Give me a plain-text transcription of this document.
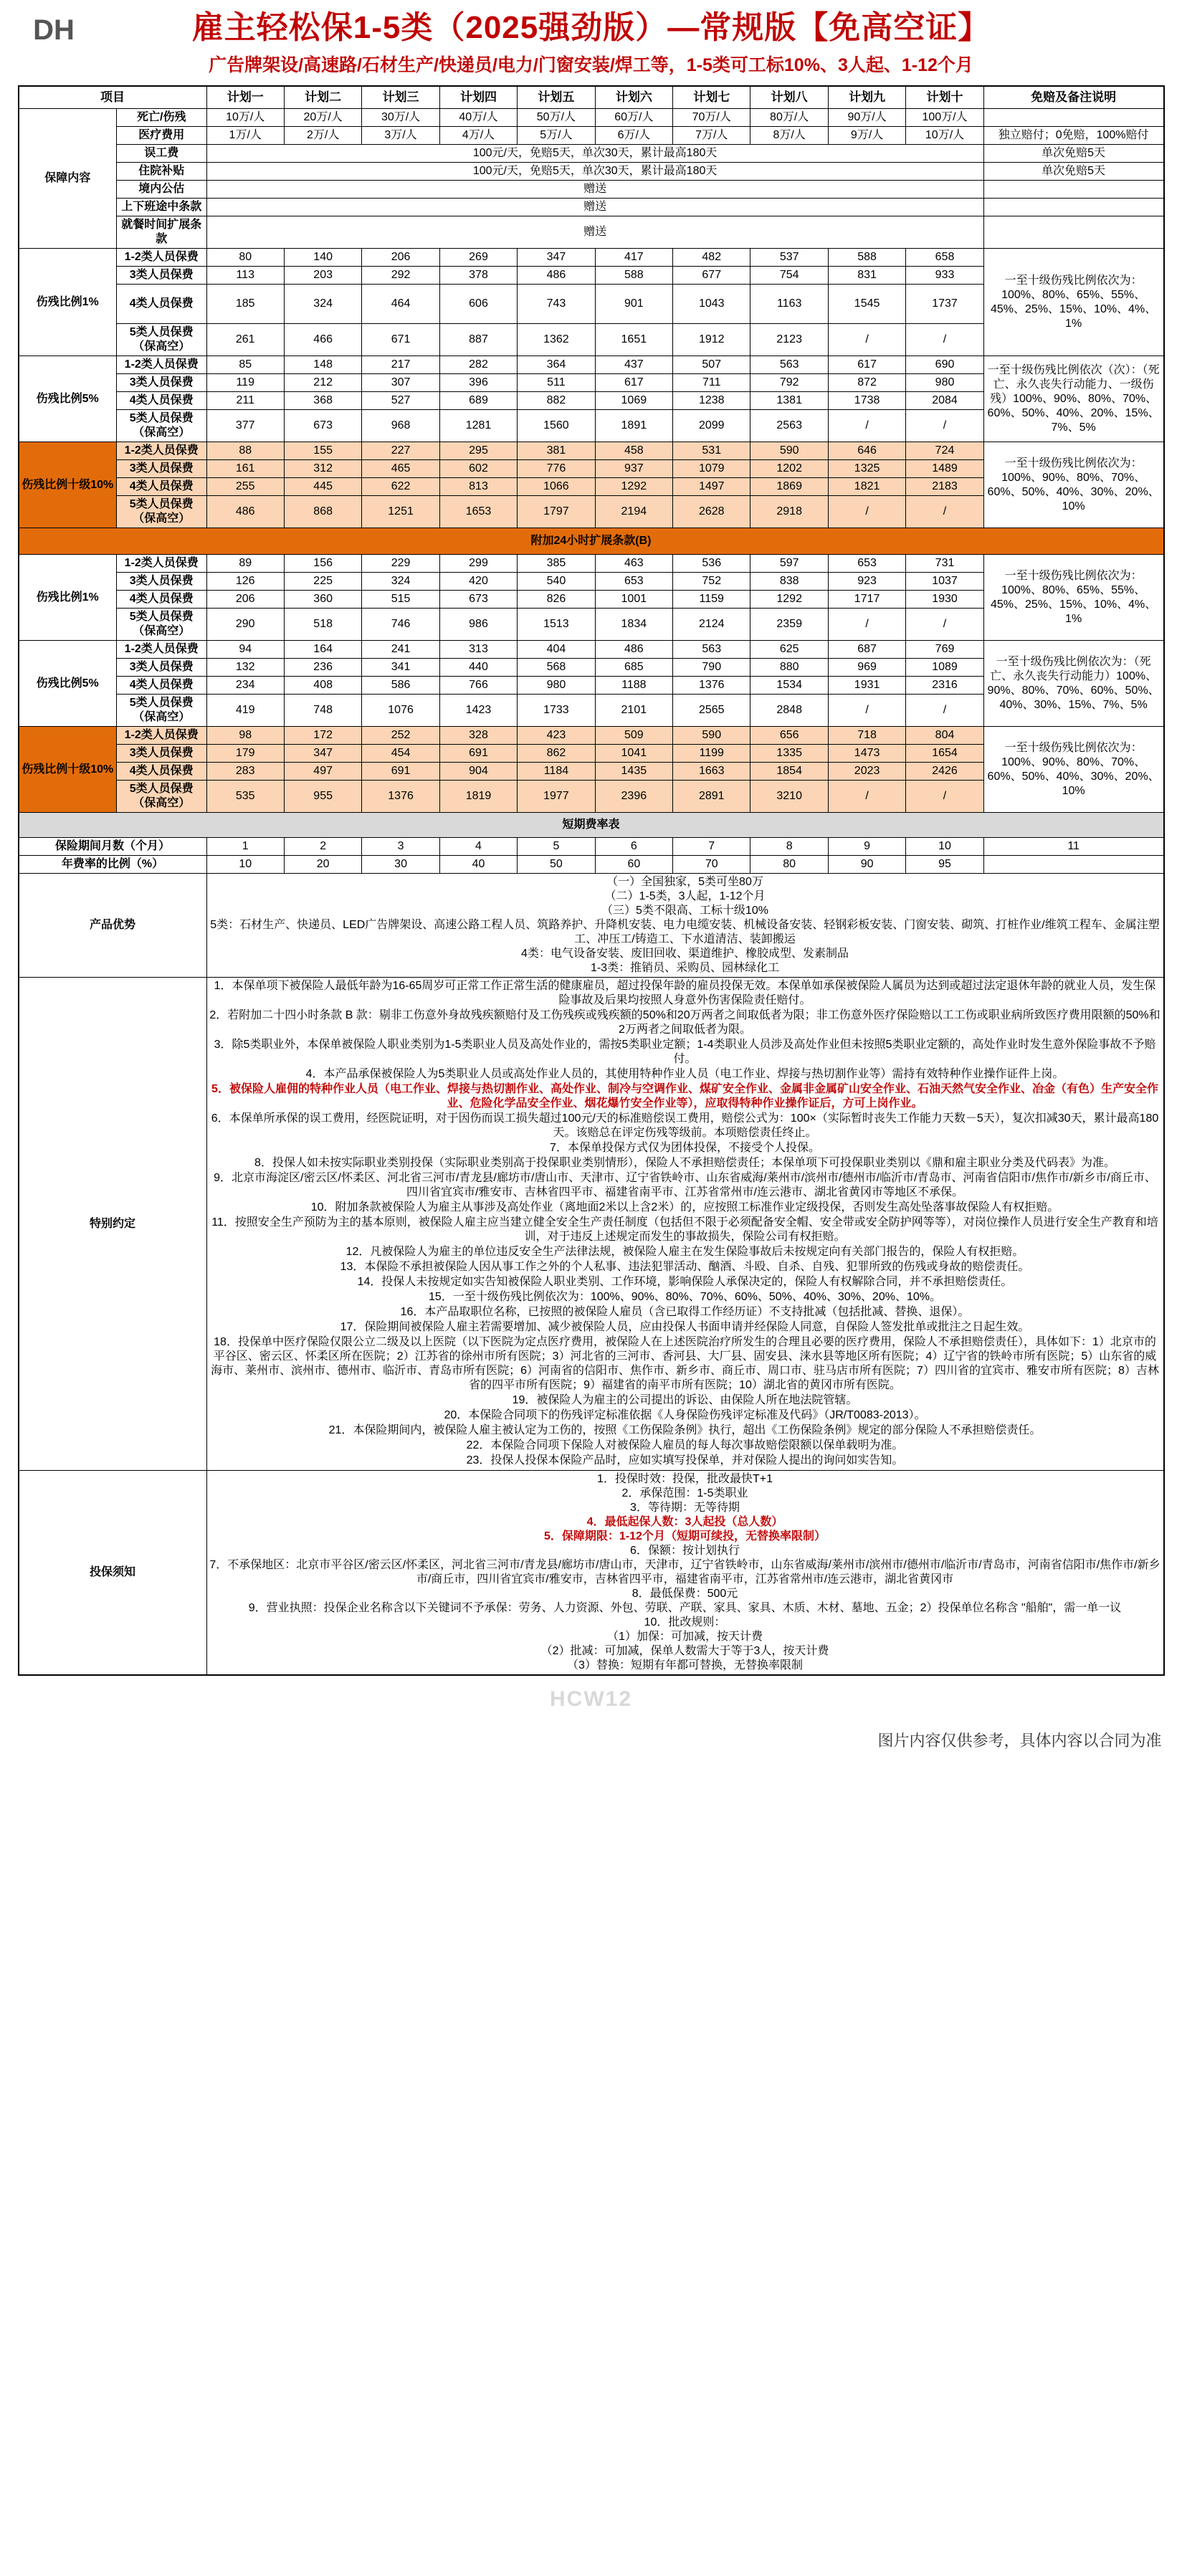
DH	雇主轻松保1-5类（2025强劲版）—常规版【免高空证】
广告牌架设/高速路/石材生产/快递员/电力/门窗安装/焊工等，1-5类可工标10%、3人起、1-12个月
项目		计划一	计划二	计划三	计划四	计划五	计划六	计划七	计划八	计划九	计划十	免赔及备注说明
保障内容	死亡/伤残	10万/人	20万/人	30万/人	40万/人	50万/人	60万/人	70万/人	80万/人	90万/人	100万/人	
	医疗费用	1万/人	2万/人	3万/人	4万/人	5万/人	6万/人	7万/人	8万/人	9万/人	10万/人	独立赔付；0免赔，100%赔付
	误工费	100元/天，免赔5天，单次30天，累计最高180天										单次免赔5天
	住院补贴	100元/天，免赔5天，单次30天，累计最高180天										单次免赔5天
	境内公估	赠送										
	上下班途中条款	赠送										
	就餐时间扩展条款	赠送										
伤残比例1%	1-2类人员保费	80	140	206	269	347	417	482	537	588	658	一至十级伤残比例依次为：100%、80%、65%、55%、45%、25%、15%、10%、4%、1%
	3类人员保费	113	203	292	378	486	588	677	754	831	933	
	4类人员保费	185	324	464	606	743	901	1043	1163	1545	1737	
	5类人员保费（保高空）	261	466	671	887	1362	1651	1912	2123	/	/	
伤残比例5%	1-2类人员保费	85	148	217	282	364	437	507	563	617	690	一至十级伤残比例依次（次）：（死亡、永久丧失行动能力、一级伤残）100%、90%、80%、70%、60%、50%、40%、20%、15%、7%、5%
	3类人员保费	119	212	307	396	511	617	711	792	872	980	
	4类人员保费	211	368	527	689	882	1069	1238	1381	1738	2084	
	5类人员保费（保高空）	377	673	968	1281	1560	1891	2099	2563	/	/	
伤残比例十级10%	1-2类人员保费	88	155	227	295	381	458	531	590	646	724	一至十级伤残比例依次为：100%、90%、80%、70%、60%、50%、40%、30%、20%、10%
	3类人员保费	161	312	465	602	776	937	1079	1202	1325	1489	
	4类人员保费	255	445	622	813	1066	1292	1497	1869	1821	2183	
	5类人员保费（保高空）	486	868	1251	1653	1797	2194	2628	2918	/	/	
附加24小时扩展条款(B)												
伤残比例1%	1-2类人员保费	89	156	229	299	385	463	536	597	653	731	一至十级伤残比例依次为：100%、80%、65%、55%、45%、25%、15%、10%、4%、1%
	3类人员保费	126	225	324	420	540	653	752	838	923	1037	
	4类人员保费	206	360	515	673	826	1001	1159	1292	1717	1930	
	5类人员保费（保高空）	290	518	746	986	1513	1834	2124	2359	/	/	
伤残比例5%	1-2类人员保费	94	164	241	313	404	486	563	625	687	769	一至十级伤残比例依次为：（死亡、永久丧失行动能力）100%、90%、80%、70%、60%、50%、40%、30%、15%、7%、5%
	3类人员保费	132	236	341	440	568	685	790	880	969	1089	
	4类人员保费	234	408	586	766	980	1188	1376	1534	1931	2316	
	5类人员保费（保高空）	419	748	1076	1423	1733	2101	2565	2848	/	/	
伤残比例十级10%	1-2类人员保费	98	172	252	328	423	509	590	656	718	804	一至十级伤残比例依次为：100%、90%、80%、70%、60%、50%、40%、30%、20%、10%
	3类人员保费	179	347	454	691	862	1041	1199	1335	1473	1654	
	4类人员保费	283	497	691	904	1184	1435	1663	1854	2023	2426	
	5类人员保费（保高空）	535	955	1376	1819	1977	2396	2891	3210	/	/	
短期费率表												
保险期间月数（个月）		1	2	3	4	5	6	7	8	9	10	11
年费率的比例（%）		10	20	30	40	50	60	70	80	90	95	
产品优势	
（一）全国独家，5类可坐80万
（二）1-5类，3人起，1-12个月
（三）5类不限高、工标十级10%
5类：石材生产、快递员、LED广告牌架设、高速公路工程人员、筑路养护、升降机安装、电力电缆安装、机械设备安装、轻钢彩板安装、门窗安装、砌筑、打桩作业/维筑工程车、金属注塑工、冲压工/铸造工、下水道清洁、装卸搬运
4类：电气设备安装、废旧回收、渠道维护、橡胶成型、发素制品
1-3类：推销员、采购员、园林绿化工

特别约定	

1．本保单项下被保险人最低年龄为16-65周岁可正常工作正常生活的健康雇员，超过投保年龄的雇员投保无效。本保单如承保被保险人属员为达到或超过法定退休年龄的就业人员，发生保险事故及后果均按照人身意外伤害保险责任赔付。

2．若附加二十四小时条款 B 款：剔非工伤意外身故残疾额赔付及工伤残疾或残疾额的50%和20万两者之间取低者为限；非工伤意外医疗保险赔以工工伤或职业病所致医疗费用限额的50%和2万两者之间取低者为限。

3．除5类职业外，本保单被保险人职业类别为1-5类职业人员及高处作业的，需按5类职业定额；1-4类职业人员涉及高处作业但未按照5类职业定额的，高处作业时发生意外保险事故不予赔付。

4．本产品承保被保险人为5类职业人员或高处作业人员的，其使用特种作业人员（电工作业、焊接与热切割作业等）需持有效特种作业操作证件上岗。

5．被保险人雇佣的特种作业人员（电工作业、焊接与热切割作业、高处作业、制冷与空调作业、煤矿安全作业、金属非金属矿山安全作业、石油天然气安全作业、冶金（有色）生产安全作业、危险化学品安全作业、烟花爆竹安全作业等），应取得特种作业操作证后，方可上岗作业。

6．本保单所承保的误工费用，经医院证明，对于因伤而误工损失超过100元/天的标准赔偿误工费用，赔偿公式为：100×（实际暂时丧失工作能力天数－5天），复次扣减30天，累计最高180天。该赔总在评定伤残等级前。本项赔偿责任终止。

7．本保单投保方式仅为团体投保，不接受个人投保。

8．投保人如未按实际职业类别投保（实际职业类别高于投保职业类别情形），保险人不承担赔偿责任；本保单项下可投保职业类别以《鼎和雇主职业分类及代码表》为准。

9．北京市海淀区/密云区/怀柔区、河北省三河市/青龙县/廊坊市/唐山市、天津市、辽宁省铁岭市、山东省威海/莱州市/滨州市/德州市/临沂市/青岛市、河南省信阳市/焦作市/新乡市/商丘市、四川省宜宾市/雅安市、吉林省四平市、福建省南平市、江苏省常州市/连云港市、湖北省黄冈市等地区不承保。

10．附加条款被保险人为雇主从事涉及高处作业（离地面2米以上含2米）的，应按照工标准作业定级投保，否则发生高处坠落事故保险人有权拒赔。

11．按照安全生产预防为主的基本原则，被保险人雇主应当建立健全安全生产责任制度（包括但不限于必须配备安全帽、安全带或安全防护网等等），对岗位操作人员进行安全生产教育和培训，对于违反上述规定而发生的事故损失，保险公司有权拒赔。

12．凡被保险人为雇主的单位违反安全生产法律法规，被保险人雇主在发生保险事故后未按规定向有关部门报告的，保险人有权拒赔。

13．本保险不承担被保险人因从事工作之外的个人私事、违法犯罪活动、酗酒、斗殴、自杀、自残、犯罪所致的伤残或身故的赔偿责任。

14．投保人未按规定如实告知被保险人职业类别、工作环境，影响保险人承保决定的，保险人有权解除合同，并不承担赔偿责任。

15．一至十级伤残比例依次为：100%、90%、80%、70%、60%、50%、40%、30%、20%、10%。

16．本产品取职位名称，已按照的被保险人雇员（含已取得工作经历证）不支持批减（包括批减、替换、退保）。

17．保险期间被保险人雇主若需要增加、减少被保险人员，应由投保人书面申请并经保险人同意，自保险人签发批单或批注之日起生效。

18．投保单中医疗保险仅限公立二级及以上医院（以下医院为定点医疗费用，被保险人在上述医院治疗所发生的合理且必要的医疗费用，保险人不承担赔偿责任），具体如下：1）北京市的平谷区、密云区、怀柔区所在医院；2）江苏省的徐州市所有医院；3）河北省的三河市、香河县、大厂县、固安县、涞水县等地区所有医院；4）辽宁省的铁岭市所有医院；5）山东省的威海市、莱州市、滨州市、德州市、临沂市、青岛市所有医院；6）河南省的信阳市、焦作市、新乡市、商丘市、周口市、驻马店市所有医院；7）四川省的宜宾市、雅安市所有医院；8）吉林省的四平市所有医院；9）福建省的南平市所有医院；10）湖北省的黄冈市所有医院。

19．被保险人为雇主的公司提出的诉讼、由保险人所在地法院管辖。

20．本保险合同项下的伤残评定标准依据《人身保险伤残评定标准及代码》（JR/T0083-2013）。

21．本保险期间内，被保险人雇主被认定为工伤的，按照《工伤保险条例》执行，超出《工伤保险条例》规定的部分保险人不承担赔偿责任。

22．本保险合同项下保险人对被保险人雇员的每人每次事故赔偿限额以保单载明为准。

23．投保人投保本保险产品时，应如实填写投保单，并对保险人提出的询问如实告知。

投保须知	
1．投保时效：投保，批改最快T+1
2．承保范围：1-5类职业
3．等待期：无等待期
4．最低起保人数：3人起投（总人数）
5．保障期限：1-12个月（短期可续投，无替换率限制）
6．保额：按计划执行
7．不承保地区：北京市平谷区/密云区/怀柔区，河北省三河市/青龙县/廊坊市/唐山市，天津市，辽宁省铁岭市，山东省威海/莱州市/滨州市/德州市/临沂市/青岛市，河南省信阳市/焦作市/新乡市/商丘市，四川省宜宾市/雅安市，吉林省四平市，福建省南平市，江苏省常州市/连云港市，湖北省黄冈市
8．最低保费：500元
9．营业执照：投保企业名称含以下关键词不予承保：劳务、人力资源、外包、劳联、产联、家具、家具、木质、木材、墓地、五金；2）投保单位名称含 "船舶"，需一单一议
10．批改规则：
（1）加保：可加减，按天计费
（2）批减：可加减，保单人数需大于等于3人，按天计费
（3）替换：短期有年都可替换，无替换率限制
HCW12
图片内容仅供参考，具体内容以合同为准
